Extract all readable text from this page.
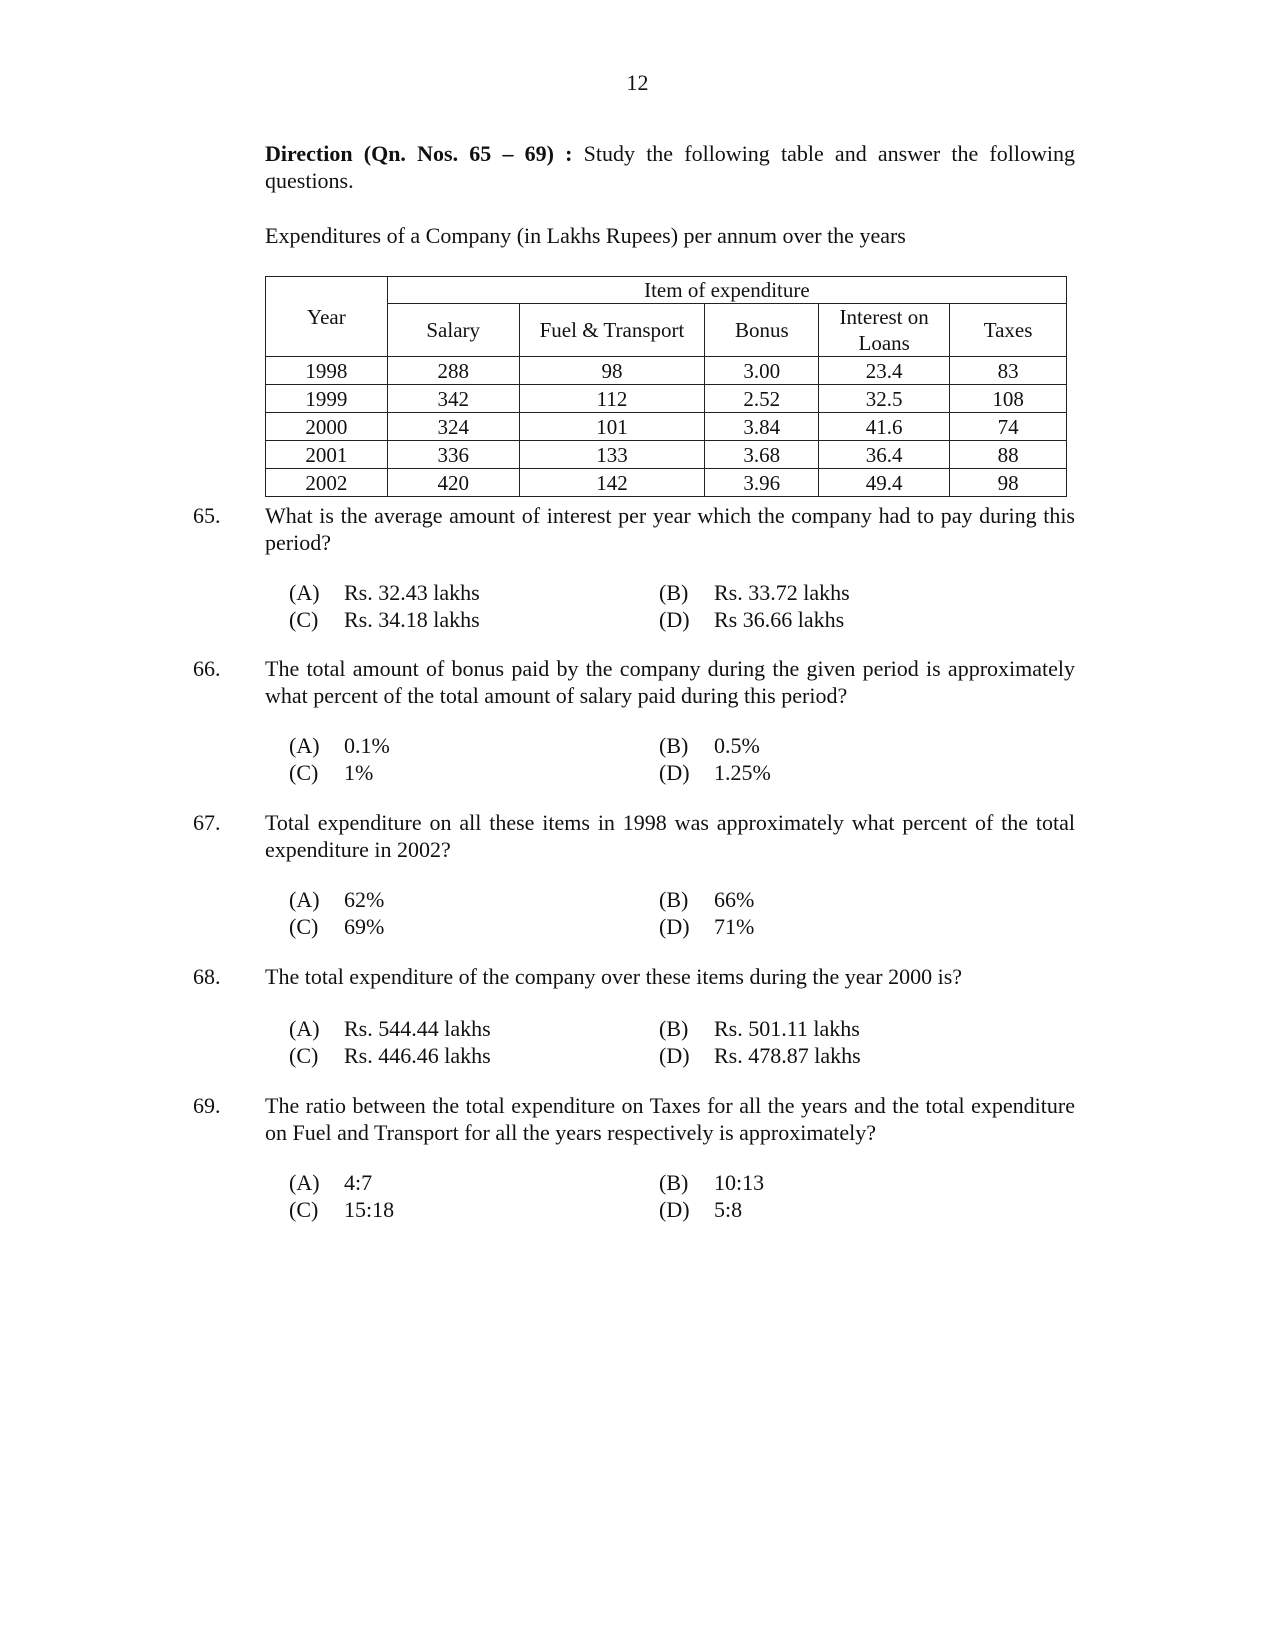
12

Direction (Qn. Nos. 65 – 69) : Study the following table and answer the following questions.

Expenditures of a Company (in Lakhs Rupees) per annum over the years
Year	Item of expenditure				
	Salary	Fuel & Transport	Bonus	Interest on Loans	Taxes
1998	288	98	3.00	23.4	83
1999	342	112	2.52	32.5	108
2000	324	101	3.84	41.6	74
2001	336	133	3.68	36.4	88
2002	420	142	3.96	49.4	98
65. What is the average amount of interest per year which the company had to pay during this period?

(A) Rs. 32.43 lakhs	(B) Rs. 33.72 lakhs
(C) Rs. 34.18 lakhs	(D) Rs 36.66 lakhs
66. The total amount of bonus paid by the company during the given period is approximately what percent of the total amount of salary paid during this period?

(A) 0.1%	(B) 0.5%
(C) 1%	(D) 1.25%
67. Total expenditure on all these items in 1998 was approximately what percent of the total expenditure in 2002?

(A) 62%	(B) 66%
(C) 69%	(D) 71%
68. The total expenditure of the company over these items during the year 2000 is?

(A) Rs. 544.44 lakhs	(B) Rs. 501.11 lakhs
(C) Rs. 446.46 lakhs	(D) Rs. 478.87 lakhs
69. The ratio between the total expenditure on Taxes for all the years and the total expenditure on Fuel and Transport for all the years respectively is approximately?

(A) 4:7	(B) 10:13
(C) 15:18	(D) 5:8
